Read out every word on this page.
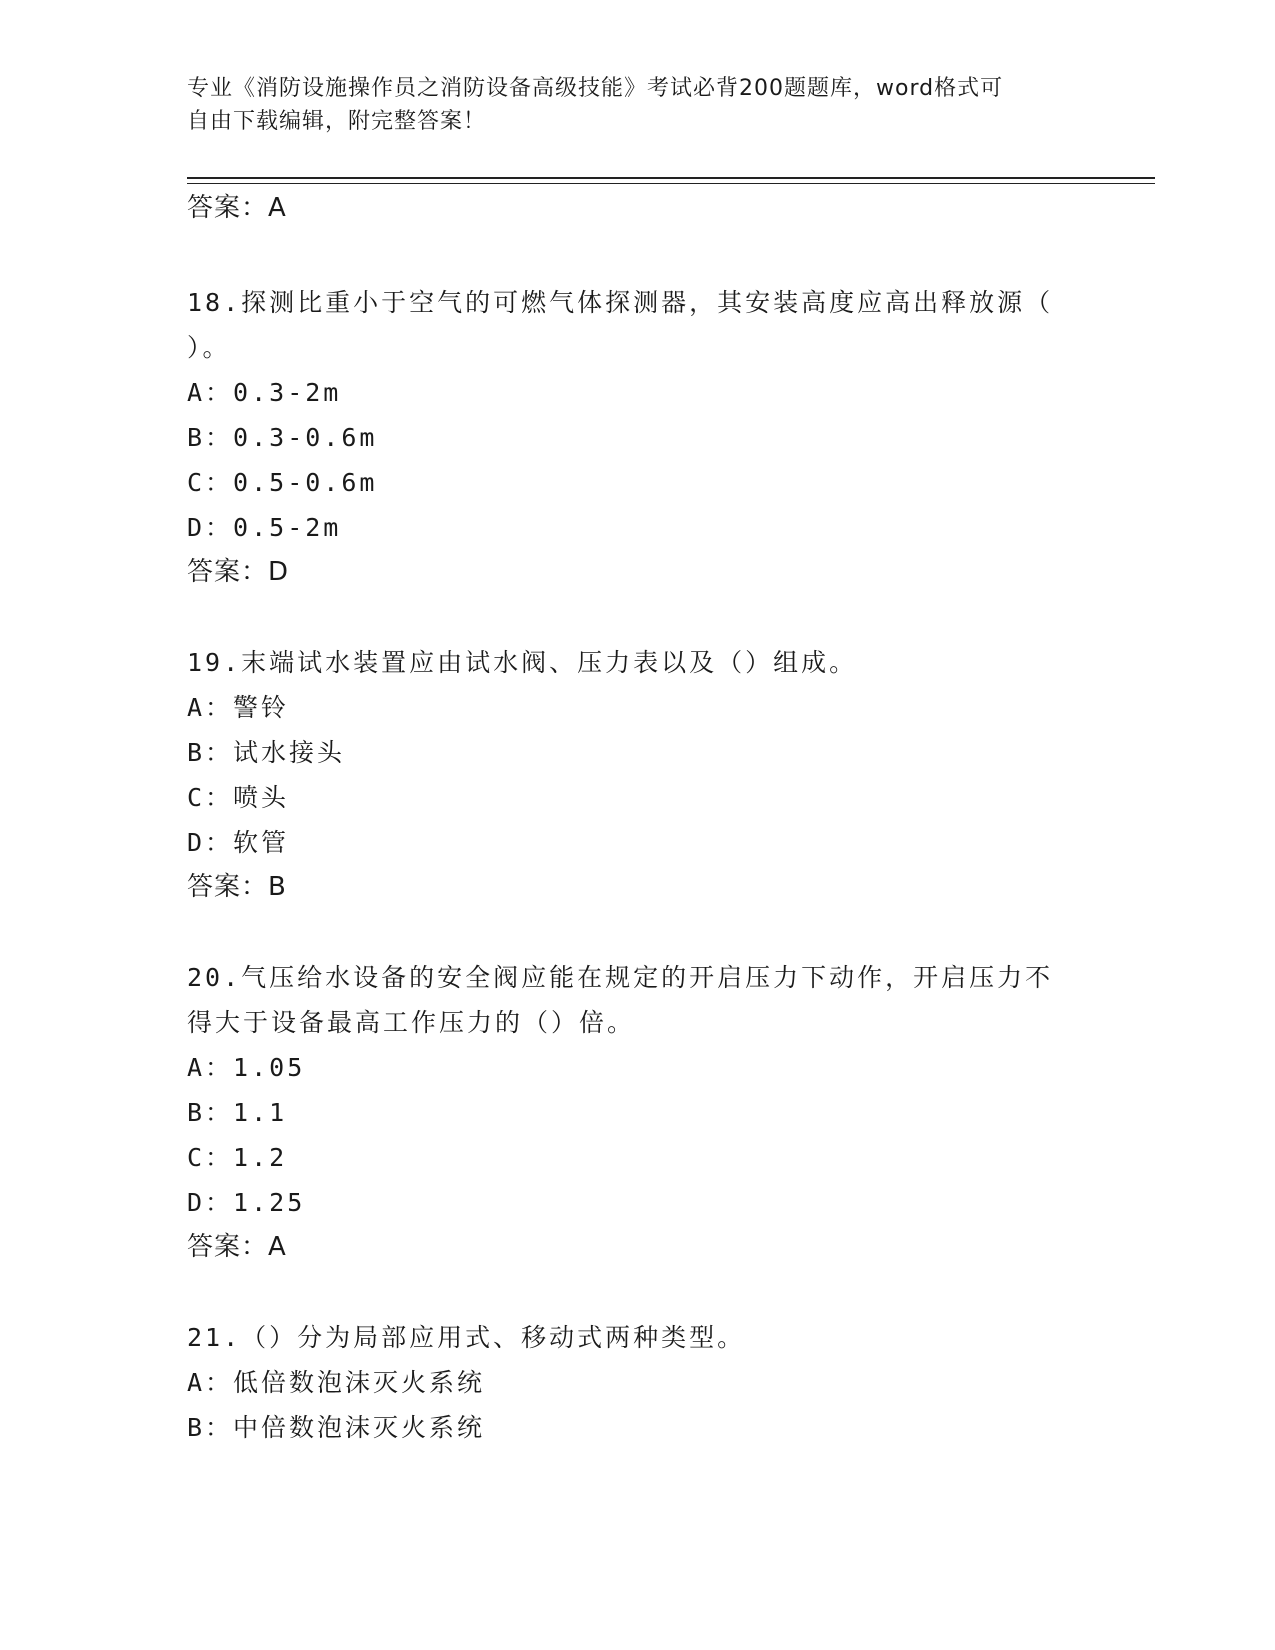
专业《消防设施操作员之消防设备高级技能》考试必背200题题库，word格式可
自由下载编辑，附完整答案！
答案：A
18.探测比重小于空气的可燃气体探测器，其安装高度应高出释放源（
）。
A：0.3-2m
B：0.3-0.6m
C：0.5-0.6m
D：0.5-2m
答案：D
19.末端试水装置应由试水阀、压力表以及（）组成。
A：警铃
B：试水接头
C：喷头
D：软管
答案：B
20.气压给水设备的安全阀应能在规定的开启压力下动作，开启压力不
得大于设备最高工作压力的（）倍。
A：1.05
B：1.1
C：1.2
D：1.25
答案：A
21.（）分为局部应用式、移动式两种类型。
A：低倍数泡沫灭火系统
B：中倍数泡沫灭火系统
